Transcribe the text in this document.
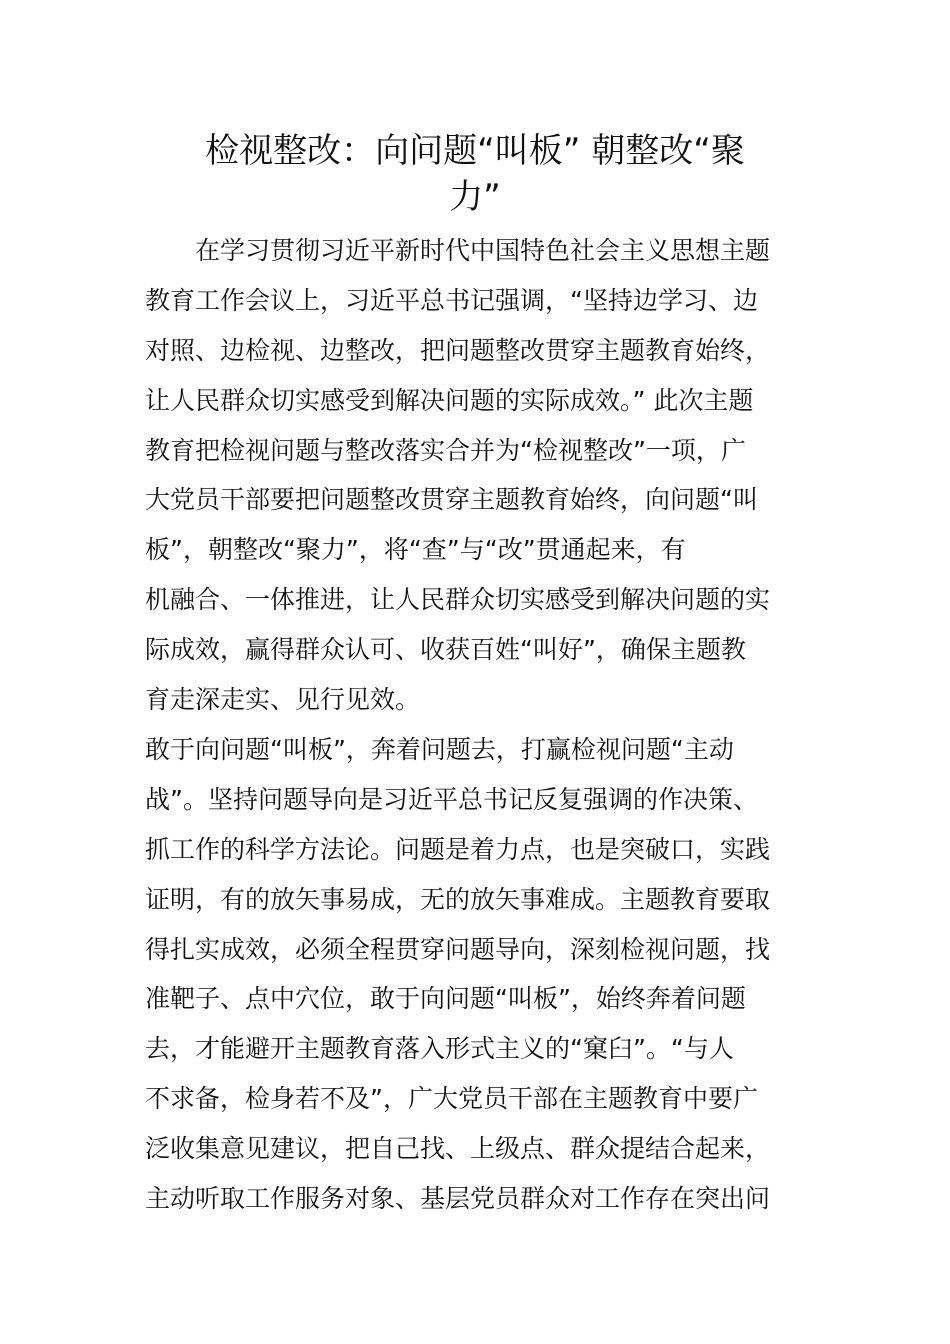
检视整改：向问题“叫板” 朝整改“聚
力”
　　在学习贯彻习近平新时代中国特色社会主义思想主题
教育工作会议上，习近平总书记强调，“坚持边学习、边
对照、边检视、边整改，把问题整改贯穿主题教育始终，
让人民群众切实感受到解决问题的实际成效。” 此次主题
教育把检视问题与整改落实合并为“检视整改”一项，广
大党员干部要把问题整改贯穿主题教育始终，向问题“叫
板”，朝整改“聚力”，将“查”与“改”贯通起来，有
机融合、一体推进，让人民群众切实感受到解决问题的实
际成效，赢得群众认可、收获百姓“叫好”，确保主题教
育走深走实、见行见效。
敢于向问题“叫板”，奔着问题去，打赢检视问题“主动
战”。坚持问题导向是习近平总书记反复强调的作决策、
抓工作的科学方法论。问题是着力点，也是突破口，实践
证明，有的放矢事易成，无的放矢事难成。主题教育要取
得扎实成效，必须全程贯穿问题导向，深刻检视问题，找
准靶子、点中穴位，敢于向问题“叫板”，始终奔着问题
去，才能避开主题教育落入形式主义的“窠臼”。“与人
不求备，检身若不及”，广大党员干部在主题教育中要广
泛收集意见建议，把自己找、上级点、群众提结合起来，
主动听取工作服务对象、基层党员群众对工作存在突出问
